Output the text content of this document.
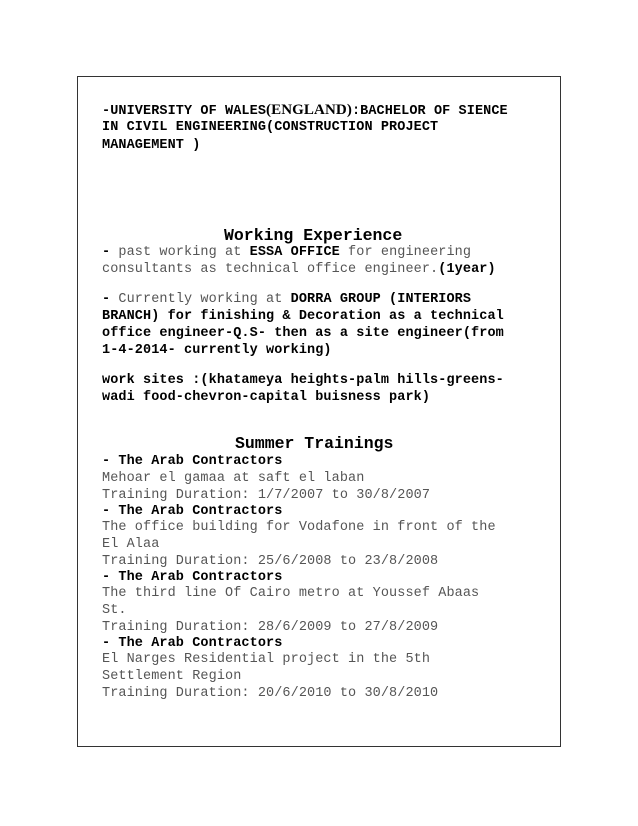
-UNIVERSITY OF WALES(ENGLAND):BACHELOR OF SIENCE
IN CIVIL ENGINEERING(CONSTRUCTION PROJECT
MANAGEMENT )
Working Experience
- past working at ESSA OFFICE for engineering
consultants as technical office engineer.(1year)
- Currently working at DORRA GROUP (INTERIORS
BRANCH) for finishing & Decoration as a technical
office engineer-Q.S- then as a site engineer(from
1-4-2014- currently working)
work sites :(khatameya heights-palm hills-greens-
wadi food-chevron-capital buisness park)
Summer Trainings
- The Arab Contractors
Mehoar el gamaa at saft el laban
Training Duration: 1/7/2007 to 30/8/2007
- The Arab Contractors
The office building for Vodafone in front of the
El Alaa
Training Duration: 25/6/2008 to 23/8/2008
- The Arab Contractors
The third line Of Cairo metro at Youssef Abaas
St.
Training Duration: 28/6/2009 to 27/8/2009
- The Arab Contractors
El Narges Residential project in the 5th
Settlement Region
Training Duration: 20/6/2010 to 30/8/2010
